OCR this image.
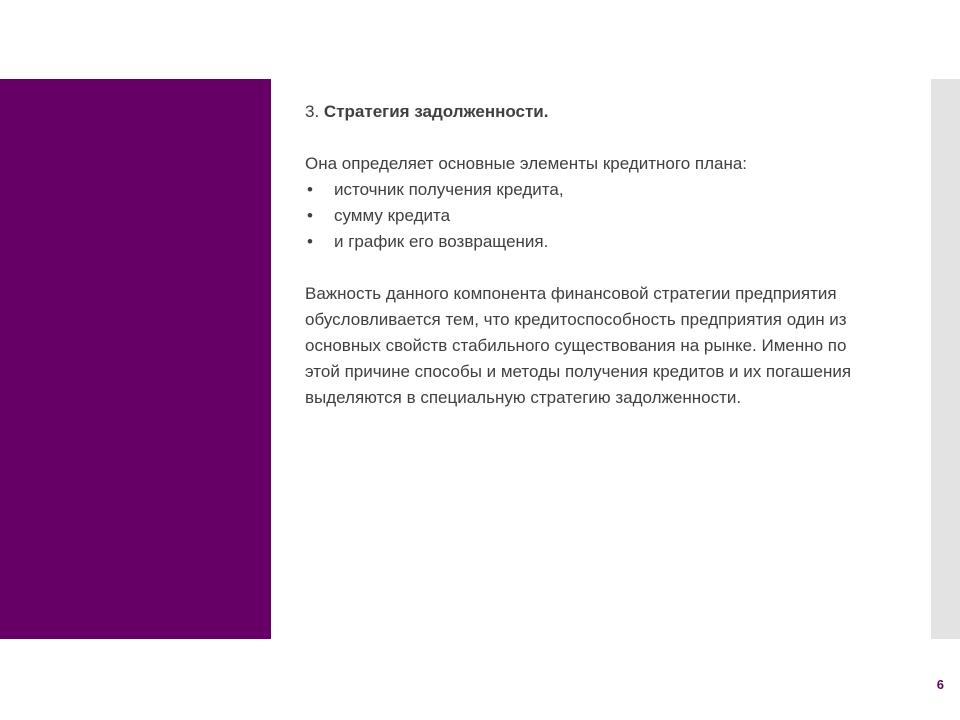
3. Стратегия задолженности.

Она определяет основные элементы кредитного плана:

• источник получения кредита,
• сумму кредита
• и график его возвращения.

Важность данного компонента финансовой стратегии предприятия обусловливается тем, что кредитоспособность предприятия один из основных свойств стабильного существования на рынке. Именно по этой причине способы и методы получения кредитов и их погашения выделяются в специальную стратегию задолженности.

6
